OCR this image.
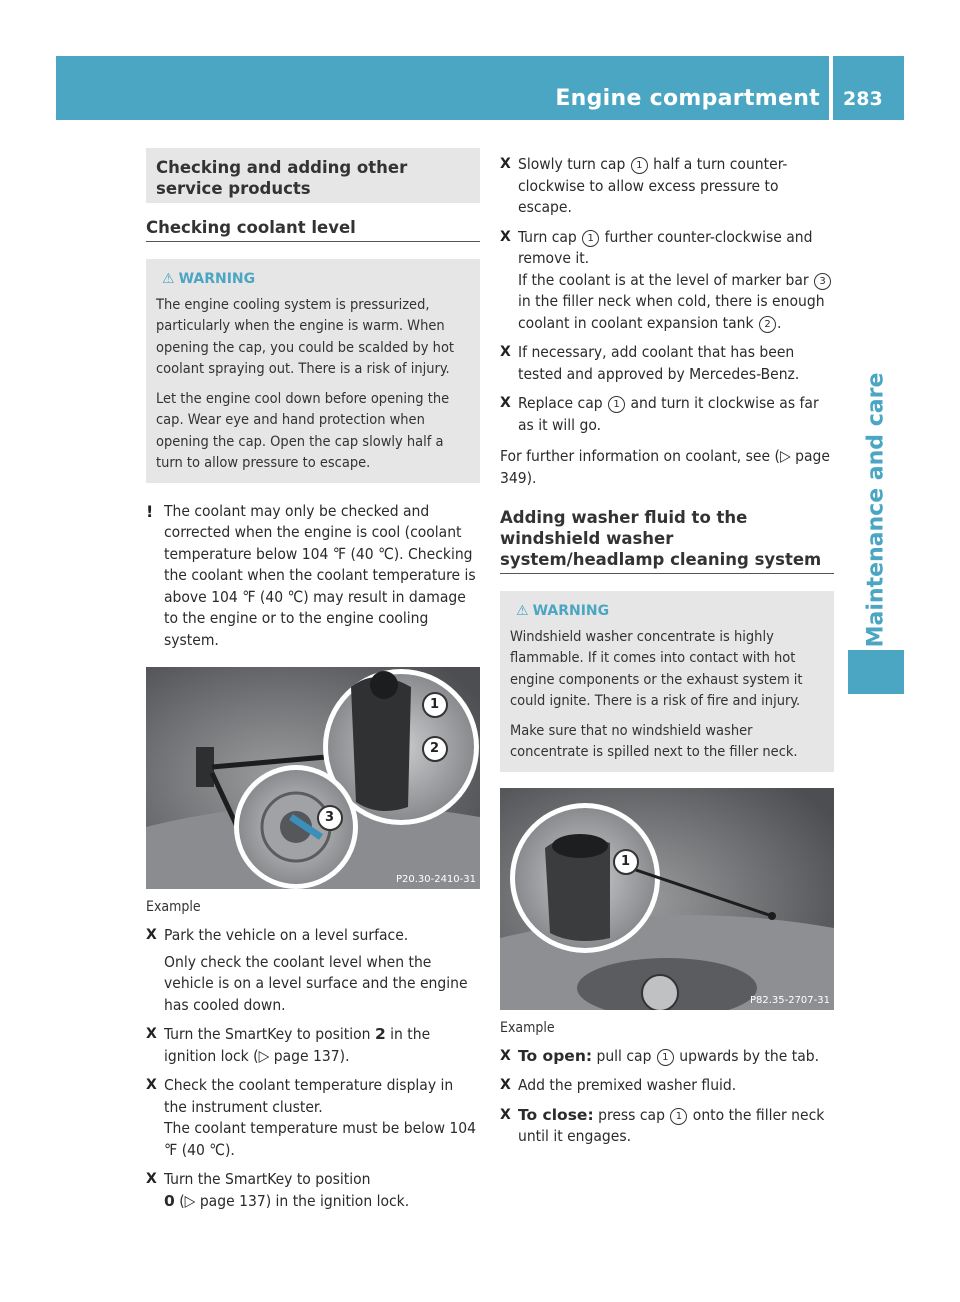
Engine compartment 283
Maintenance and care
Checking and adding other service products
Checking coolant level
⚠ WARNING

The engine cooling system is pressurized, particularly when the engine is warm. When opening the cap, you could be scalded by hot coolant spraying out. There is a risk of injury.

Let the engine cool down before opening the cap. Wear eye and hand protection when opening the cap. Open the cap slowly half a turn to allow pressure to escape.

! The coolant may only be checked and corrected when the engine is cool (coolant temperature below 104 ℉ (40 ℃). Checking the coolant when the coolant temperature is above 104 ℉ (40 ℃) may result in damage to the engine or to the engine cooling system.
1
2
3
P20.30-2410-31
Example
X Park the vehicle on a level surface.
Only check the coolant level when the vehicle is on a level surface and the engine has cooled down.
X Turn the SmartKey to position 2 in the ignition lock (▷ page 137).
X Check the coolant temperature display in the instrument cluster.
The coolant temperature must be below 104 ℉ (40 ℃).
X Turn the SmartKey to position
0 (▷ page 137) in the ignition lock.
X Slowly turn cap 1 half a turn counter-clockwise to allow excess pressure to escape.
X Turn cap 1 further counter-clockwise and remove it.
If the coolant is at the level of marker bar 3 in the filler neck when cold, there is enough coolant in coolant expansion tank 2 .
X If necessary, add coolant that has been tested and approved by Mercedes-Benz.
X Replace cap 1 and turn it clockwise as far as it will go.
For further information on coolant, see (▷ page 349).
Adding washer fluid to the windshield washer system/headlamp cleaning system
⚠ WARNING

Windshield washer concentrate is highly flammable. If it comes into contact with hot engine components or the exhaust system it could ignite. There is a risk of fire and injury.

Make sure that no windshield washer concentrate is spilled next to the filler neck.

1
P82.35-2707-31
Example
X To open: pull cap 1 upwards by the tab.
X Add the premixed washer fluid.
X To close: press cap 1 onto the filler neck until it engages.
